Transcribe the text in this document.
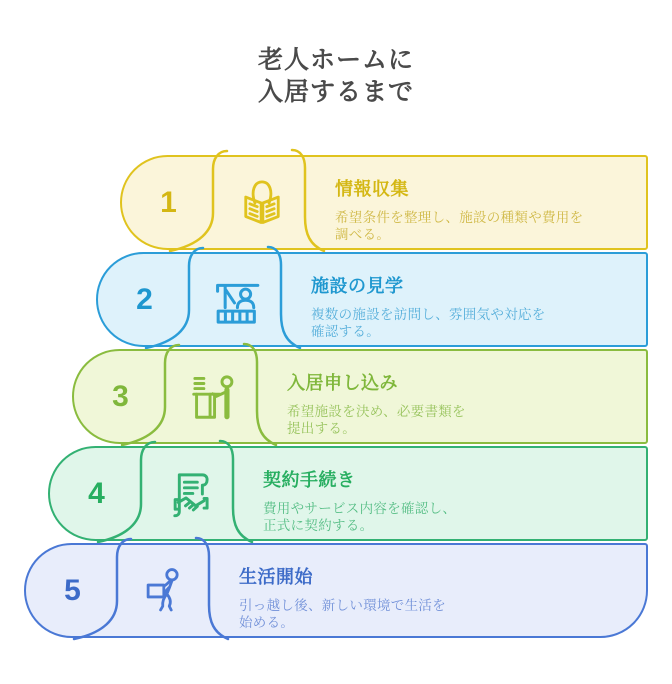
老人ホームに
入居するまで
1	情報収集
希望条件を整理し、施設の種類や費用を
調べる。
2	施設の見学
複数の施設を訪問し、雰囲気や対応を
確認する。
3	入居申し込み
希望施設を決め、必要書類を
提出する。
4	契約手続き
費用やサービス内容を確認し、
正式に契約する。
5	生活開始
引っ越し後、新しい環境で生活を
始める。
